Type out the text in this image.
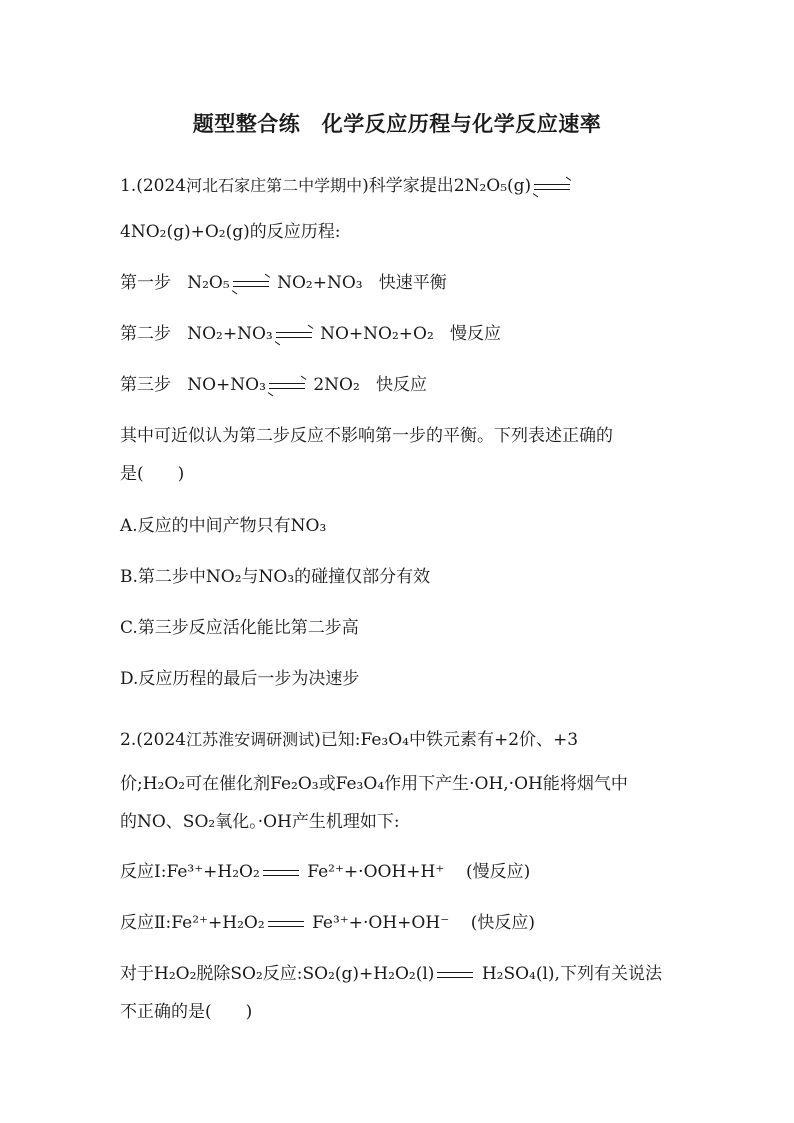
题型整合练　化学反应历程与化学反应速率
1.(2024河北石家庄第二中学期中)科学家提出2N₂O₅(g)
4NO₂(g)+O₂(g)的反应历程:
第一步 N₂O₅	NO₂+NO₃ 快速平衡
第二步 NO₂+NO₃	NO+NO₂+O₂ 慢反应
第三步 NO+NO₃	2NO₂ 快反应
其中可近似认为第二步反应不影响第一步的平衡。下列表述正确的
是(　　)
A.反应的中间产物只有NO₃
B.第二步中NO₂与NO₃的碰撞仅部分有效
C.第三步反应活化能比第二步高
D.反应历程的最后一步为决速步
2.(2024江苏淮安调研测试)已知:Fe₃O₄中铁元素有+2价、+3
价;H₂O₂可在催化剂Fe₂O₃或Fe₃O₄作用下产生·OH,·OH能将烟气中
的NO、SO₂氧化。·OH产生机理如下:
反应Ⅰ:Fe³⁺+H₂O₂	Fe²⁺+·OOH+H⁺ (慢反应)
反应Ⅱ:Fe²⁺+H₂O₂	Fe³⁺+·OH+OH⁻ (快反应)
对于H₂O₂脱除SO₂反应:SO₂(g)+H₂O₂(l)	H₂SO₄(l),下列有关说法
不正确的是(　　)
